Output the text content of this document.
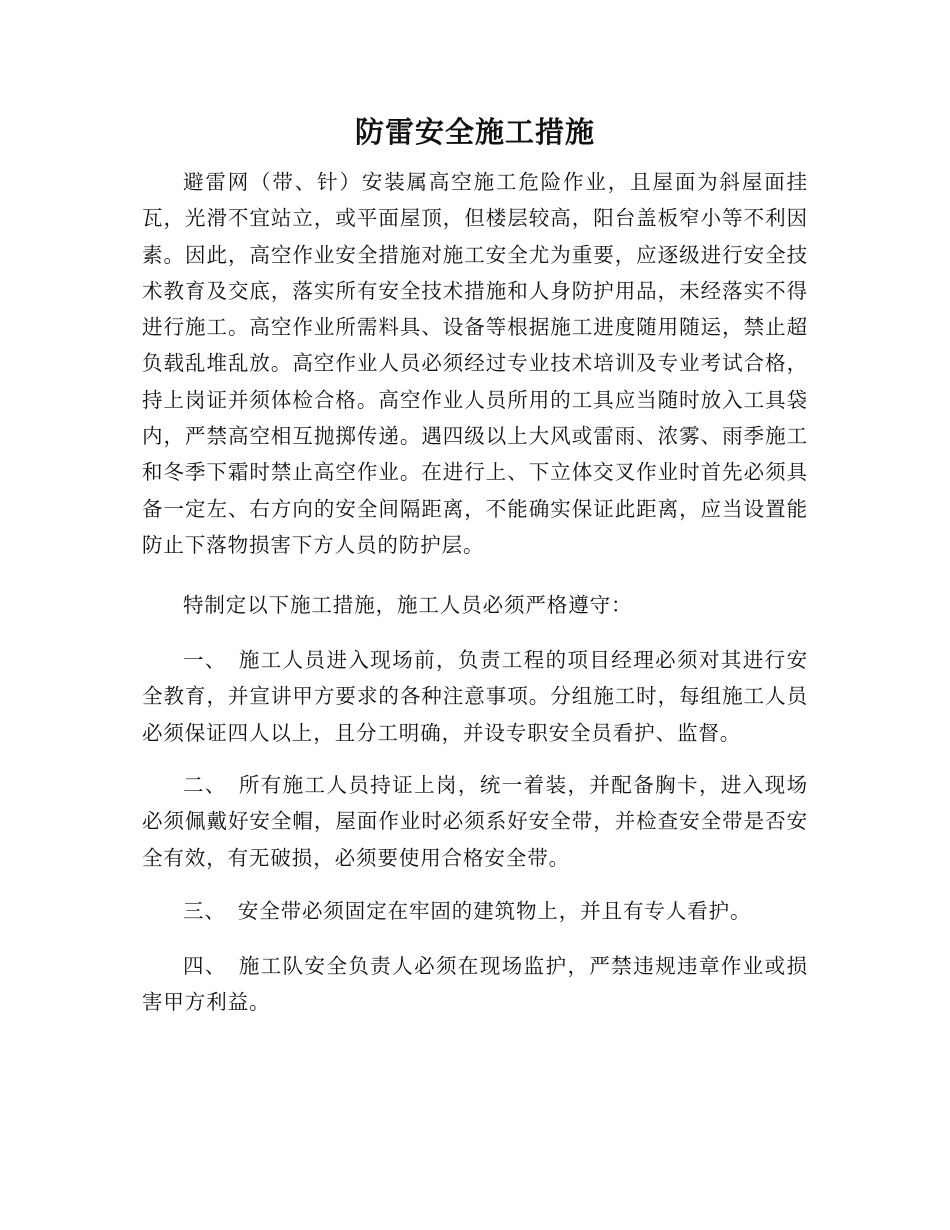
防雷安全施工措施

避雷网（带、针）安装属高空施工危险作业，且屋面为斜屋面挂瓦，光滑不宜站立，或平面屋顶，但楼层较高，阳台盖板窄小等不利因素。因此，高空作业安全措施对施工安全尤为重要，应逐级进行安全技术教育及交底，落实所有安全技术措施和人身防护用品，未经落实不得进行施工。高空作业所需料具、设备等根据施工进度随用随运，禁止超负载乱堆乱放。高空作业人员必须经过专业技术培训及专业考试合格，持上岗证并须体检合格。高空作业人员所用的工具应当随时放入工具袋内，严禁高空相互抛掷传递。遇四级以上大风或雷雨、浓雾、雨季施工和冬季下霜时禁止高空作业。在进行上、下立体交叉作业时首先必须具备一定左、右方向的安全间隔距离，不能确实保证此距离，应当设置能防止下落物损害下方人员的防护层。

特制定以下施工措施，施工人员必须严格遵守：

一、 施工人员进入现场前，负责工程的项目经理必须对其进行安全教育，并宣讲甲方要求的各种注意事项。分组施工时，每组施工人员必须保证四人以上，且分工明确，并设专职安全员看护、监督。

二、 所有施工人员持证上岗，统一着装，并配备胸卡，进入现场必须佩戴好安全帽，屋面作业时必须系好安全带，并检查安全带是否安全有效，有无破损，必须要使用合格安全带。

三、 安全带必须固定在牢固的建筑物上，并且有专人看护。

四、 施工队安全负责人必须在现场监护，严禁违规违章作业或损害甲方利益。
